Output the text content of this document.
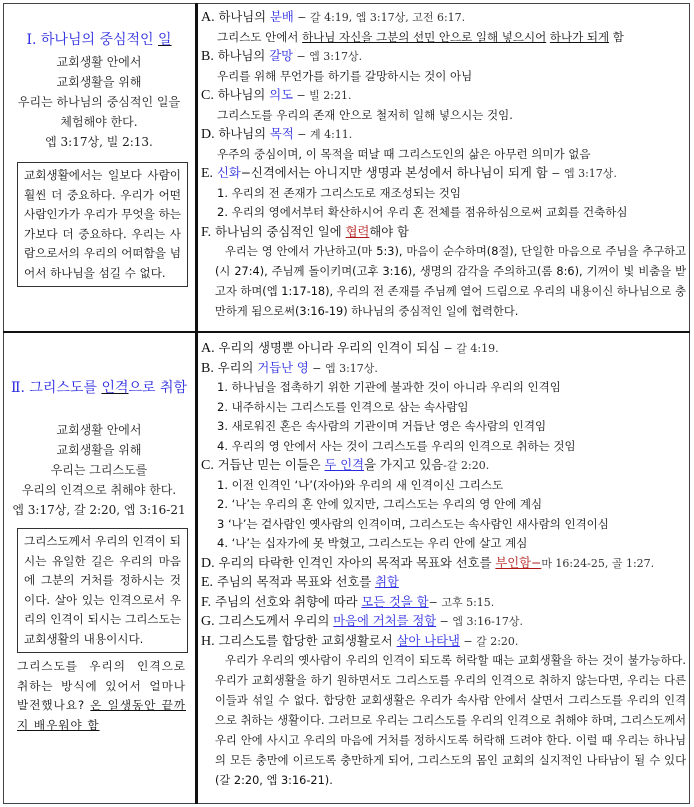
Ⅰ. 하나님의 중심적인 일
교회생활 안에서
교회생활을 위해
우리는 하나님의 중심적인 일을
체험해야 한다.
엡 3:17상, 빌 2:13.
교회생활에서는 일보다 사람이 훨씬 더 중요하다. 우리가 어떤 사람인가가 우리가 무엇을 하는가보다 더 중요하다. 우리는 사람으로서의 우리의 어떠함을 넘어서 하나님을 섬길 수 없다.
A. 하나님의 분배 − 갈 4:19, 엡 3:17상, 고전 6:17.
그리스도 안에서 하나님 자신을 그분의 선민 안으로 일해 넣으시어 하나가 되게 함
B. 하나님의 갈망 − 엡 3:17상.
우리를 위해 무언가를 하기를 갈망하시는 것이 아님
C. 하나님의 의도 − 빌 2:21.
그리스도를 우리의 존재 안으로 철저히 일해 넣으시는 것임.
D. 하나님의 목적 − 계 4:11.
우주의 중심이며, 이 목적을 떠날 때 그리스도인의 삶은 아무런 의미가 없음
E. 신화−신격에서는 아니지만 생명과 본성에서 하나님이 되게 함 − 엡 3:17상.
1. 우리의 전 존재가 그리스도로 재조성되는 것임
2. 우리의 영에서부터 확산하시어 우리 혼 전체를 점유하심으로써 교회를 건축하심
F. 하나님의 중심적인 일에 협력해야 함
우리는 영 안에서 가난하고(마 5:3), 마음이 순수하며(8절), 단일한 마음으로 주님을 추구하고(시 27:4), 주님께 돌이키며(고후 3:16), 생명의 감각을 주의하고(롬 8:6), 기꺼이 빛 비춤을 받고자 하며(엡 1:17-18), 우리의 전 존재를 주님께 열어 드림으로 우리의 내용이신 하나님으로 충만하게 됨으로써(3:16-19) 하나님의 중심적인 일에 협력한다.
Ⅱ. 그리스도를 인격으로 취함
교회생활 안에서
교회생활을 위해
우리는 그리스도를
우리의 인격으로 취해야 한다.
엡 3:17상, 갈 2:20, 엡 3:16-21
그리스도께서 우리의 인격이 되시는 유일한 길은 우리의 마음에 그분의 거처를 정하시는 것이다. 살아 있는 인격으로서 우리의 인격이 되시는 그리스도는 교회생활의 내용이시다.
그리스도를 우리의 인격으로 취하는 방식에 있어서 얼마나 발전했나요? 온 일생동안 끝까지 배우워야 함
A. 우리의 생명뿐 아니라 우리의 인격이 되심 − 갈 4:19.
B. 우리의 거듭난 영 − 엡 3:17상.
1. 하나님을 접촉하기 위한 기관에 불과한 것이 아니라 우리의 인격임
2. 내주하시는 그리스도를 인격으로 삼는 속사람임
3. 새로워진 혼은 속사람의 기관이며 거듭난 영은 속사람의 인격임
4. 우리의 영 안에서 사는 것이 그리스도를 우리의 인격으로 취하는 것임
C. 거듭난 믿는 이들은 두 인격을 가지고 있음-갈 2:20.
1. 이전 인격인 ‘나’(자아)와 우리의 새 인격이신 그리스도
2. ‘나’는 우리의 혼 안에 있지만, 그리스도는 우리의 영 안에 계심
3 ‘나’는 겉사람인 옛사람의 인격이며, 그리스도는 속사람인 새사람의 인격이심
4. ‘나’는 십자가에 못 박혔고, 그리스도는 우리 안에 살고 계심
D. 우리의 타락한 인격인 자아의 목적과 목표와 선호를 부인함−마 16:24-25, 골 1:27.
E. 주님의 목적과 목표와 선호를 취함
F. 주님의 선호와 취향에 따라 모든 것을 함− 고후 5:15.
G. 그리스도께서 우리의 마음에 거처를 정함 − 엡 3:16-17상.
H. 그리스도를 합당한 교회생활로서 살아 나타냄 − 갈 2:20.
우리가 우리의 옛사람이 우리의 인격이 되도록 허락할 때는 교회생활을 하는 것이 불가능하다. 우리가 교회생활을 하기 원하면서도 그리스도를 우리의 인격으로 취하지 않는다면, 우리는 다른 이들과 섞일 수 없다. 합당한 교회생활은 우리가 속사람 안에서 살면서 그리스도를 우리의 인격으로 취하는 생활이다. 그러므로 우리는 그리스도를 우리의 인격으로 취해야 하며, 그리스도께서 우리 안에 사시고 우리의 마음에 거처를 정하시도록 허락해 드려야 한다. 이럴 때 우리는 하나님의 모든 충만에 이르도록 충만하게 되어, 그리스도의 몸인 교회의 실지적인 나타남이 될 수 있다(갈 2:20, 엡 3:16-21).
